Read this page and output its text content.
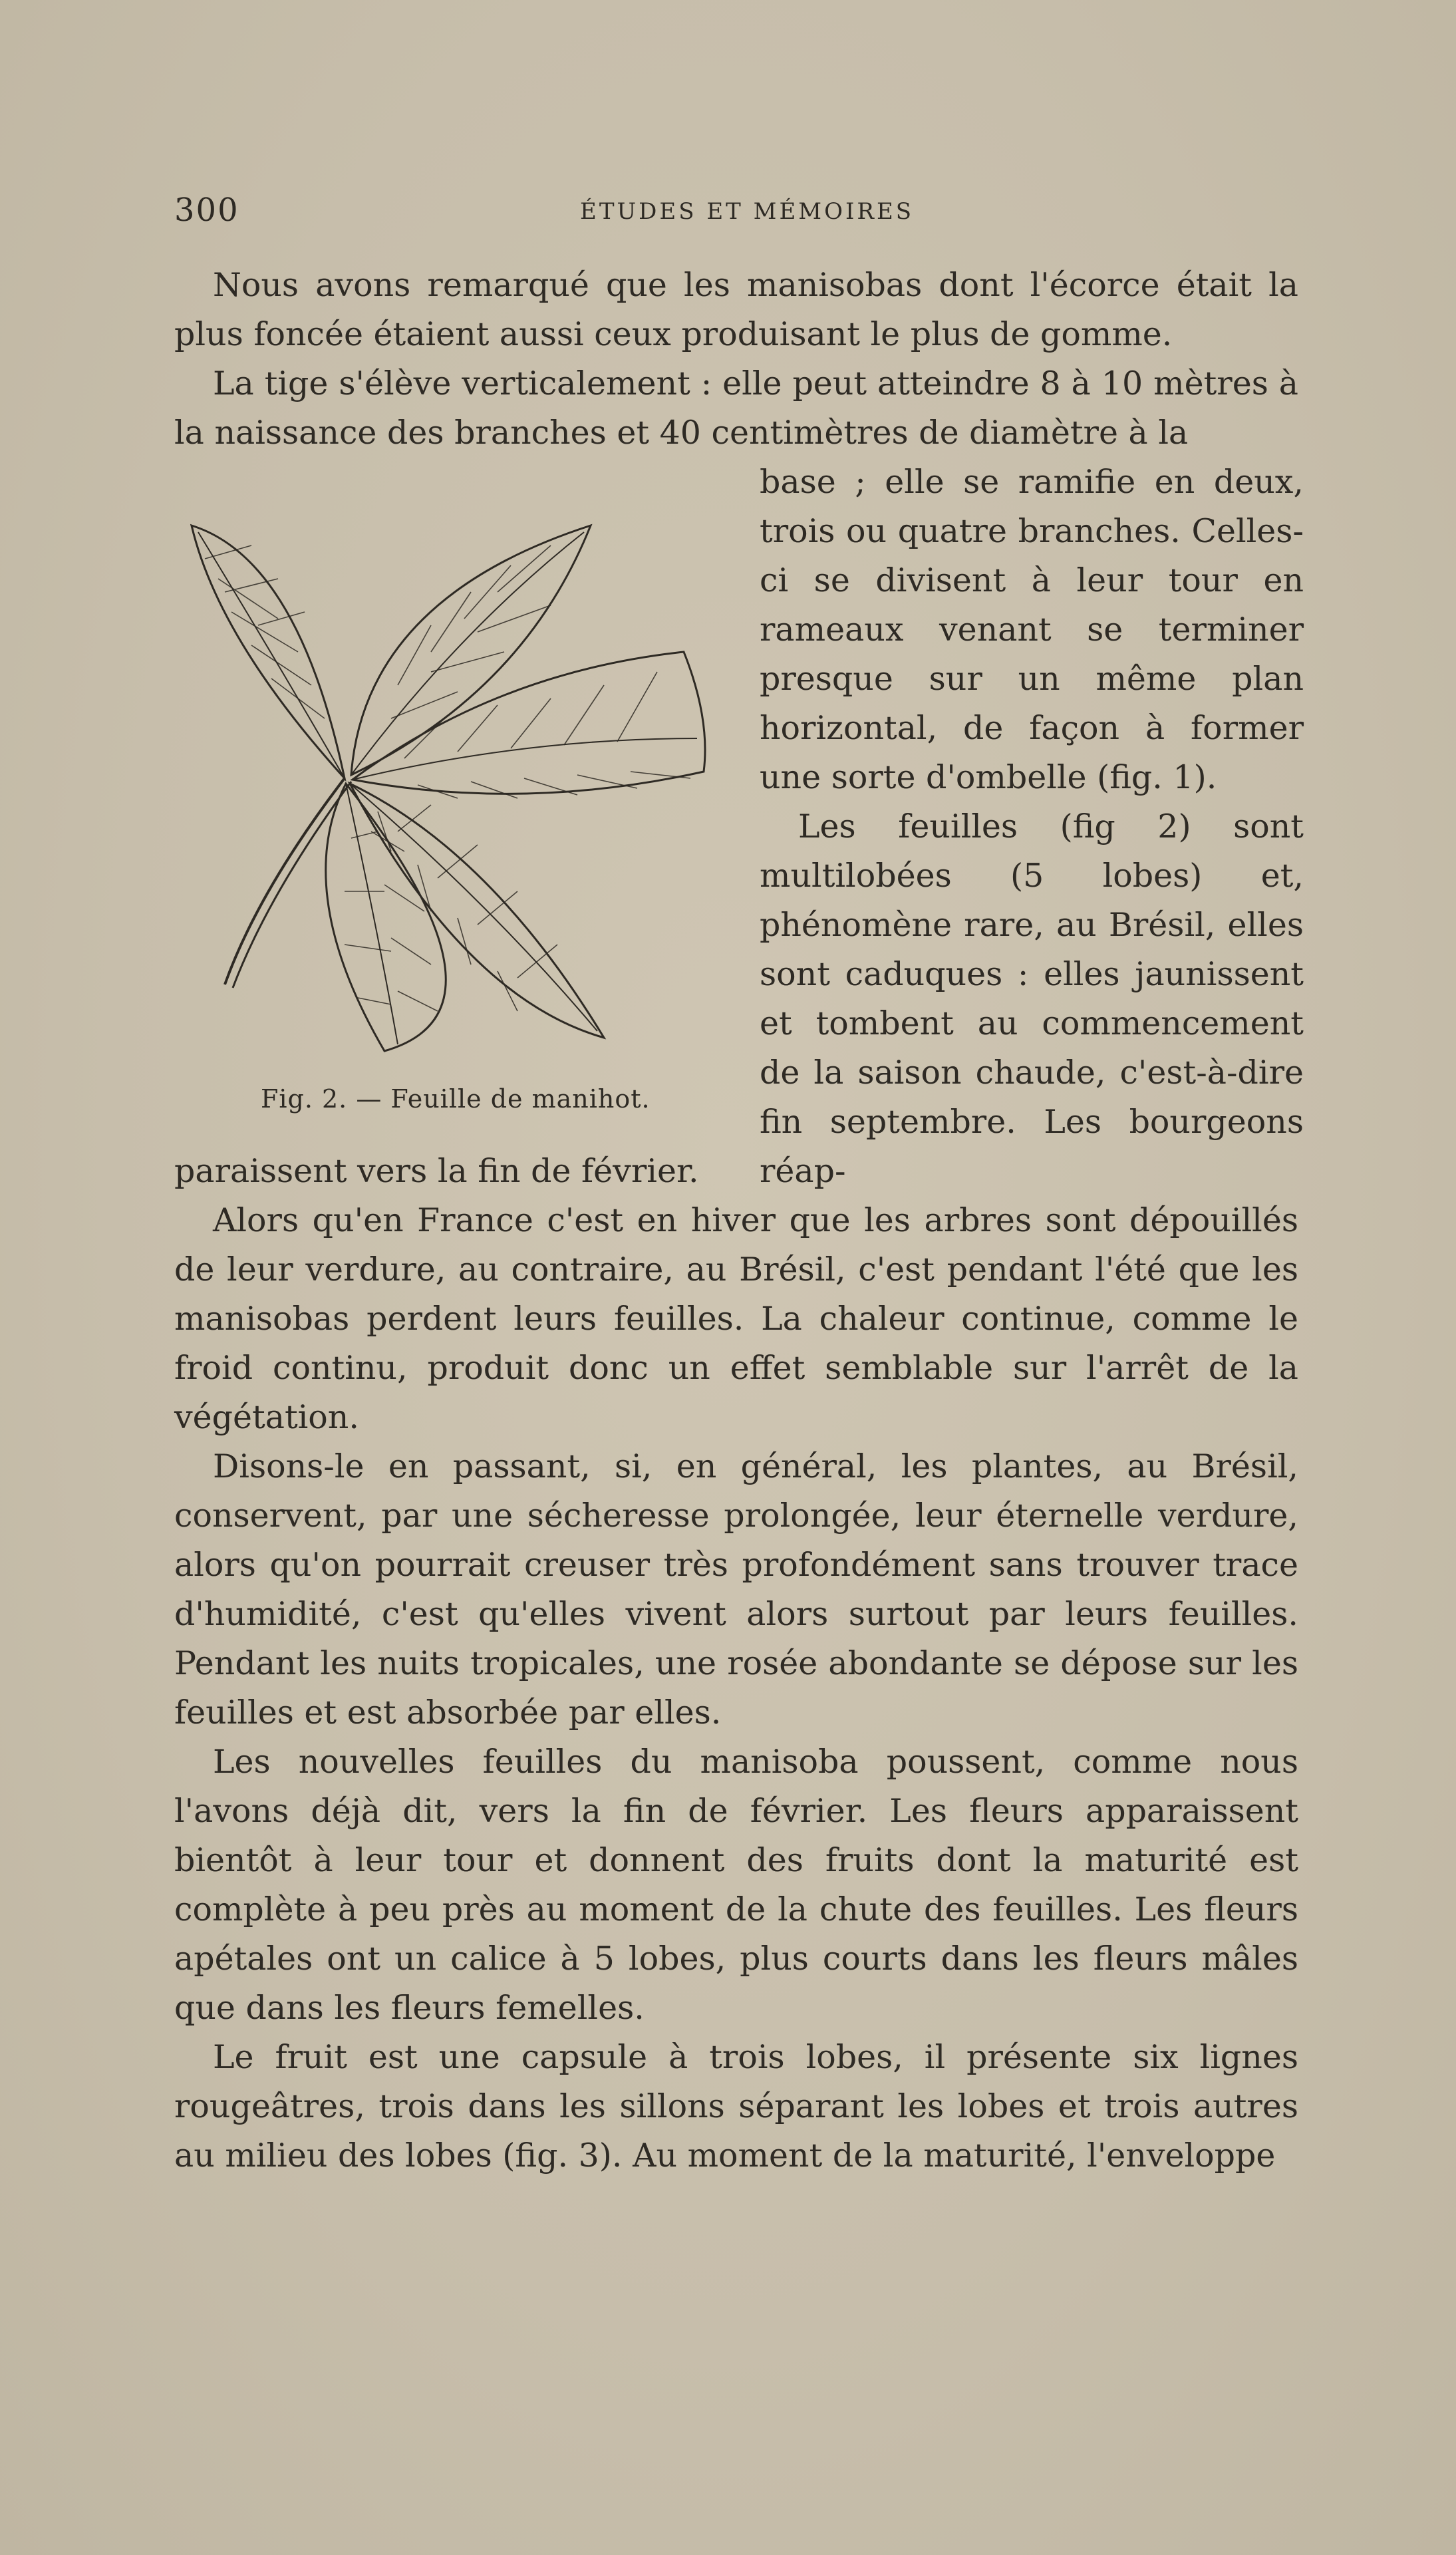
300	ÉTUDES ET MÉMOIRES

Nous avons remarqué que les manisobas dont l'écorce était la plus foncée étaient aussi ceux produisant le plus de gomme.

La tige s'élève verticalement : elle peut atteindre 8 à 10 mètres à la naissance des branches et 40 centimètres de diamètre à la

Fig. 2. — Feuille de manihot.

base ; elle se ramifie en deux, trois ou quatre branches. Celles-ci se divisent à leur tour en rameaux venant se terminer presque sur un même plan horizontal, de façon à former une sorte d'ombelle (fig. 1).

Les feuilles (fig 2) sont multilobées (5 lobes) et, phénomène rare, au Brésil, elles sont caduques : elles jaunissent et tombent au commencement de la saison chaude, c'est-à-dire fin septembre. Les bourgeons réap-

paraissent vers la fin de février.

Alors qu'en France c'est en hiver que les arbres sont dépouillés de leur verdure, au contraire, au Brésil, c'est pendant l'été que les manisobas perdent leurs feuilles. La chaleur continue, comme le froid continu, produit donc un effet semblable sur l'arrêt de la végétation.

Disons-le en passant, si, en général, les plantes, au Brésil, conservent, par une sécheresse prolongée, leur éternelle verdure, alors qu'on pourrait creuser très profondément sans trouver trace d'humidité, c'est qu'elles vivent alors surtout par leurs feuilles. Pendant les nuits tropicales, une rosée abondante se dépose sur les feuilles et est absorbée par elles.

Les nouvelles feuilles du manisoba poussent, comme nous l'avons déjà dit, vers la fin de février. Les fleurs apparaissent bientôt à leur tour et donnent des fruits dont la maturité est complète à peu près au moment de la chute des feuilles. Les fleurs apétales ont un calice à 5 lobes, plus courts dans les fleurs mâles que dans les fleurs femelles.

Le fruit est une capsule à trois lobes, il présente six lignes rougeâtres, trois dans les sillons séparant les lobes et trois autres au milieu des lobes (fig. 3). Au moment de la maturité, l'enveloppe
